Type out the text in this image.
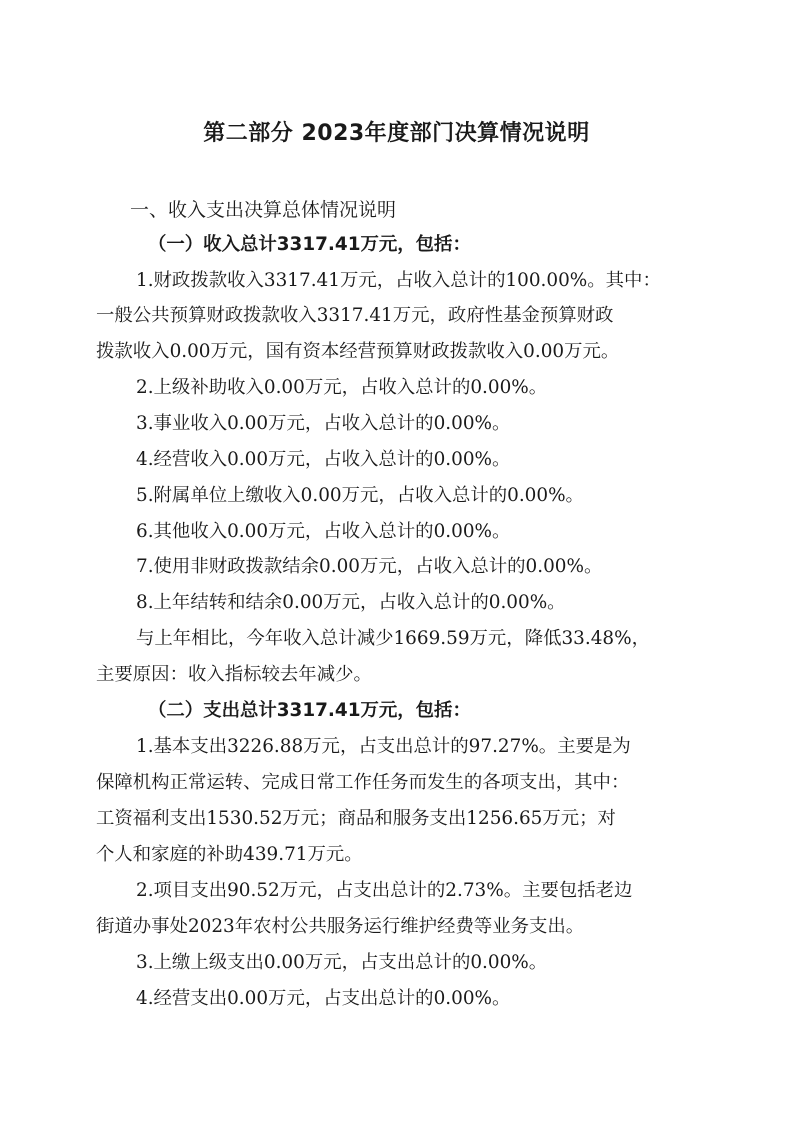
第二部分 2023年度部门决算情况说明
一、收入支出决算总体情况说明
（一）收入总计3317.41万元，包括：
1.财政拨款收入3317.41万元，占收入总计的100.00%。其中：
一般公共预算财政拨款收入3317.41万元，政府性基金预算财政
拨款收入0.00万元，国有资本经营预算财政拨款收入0.00万元。
2.上级补助收入0.00万元，占收入总计的0.00%。
3.事业收入0.00万元，占收入总计的0.00%。
4.经营收入0.00万元，占收入总计的0.00%。
5.附属单位上缴收入0.00万元，占收入总计的0.00%。
6.其他收入0.00万元，占收入总计的0.00%。
7.使用非财政拨款结余0.00万元，占收入总计的0.00%。
8.上年结转和结余0.00万元，占收入总计的0.00%。
与上年相比，今年收入总计减少1669.59万元，降低33.48%，
主要原因：收入指标较去年减少。
（二）支出总计3317.41万元，包括：
1.基本支出3226.88万元，占支出总计的97.27%。主要是为
保障机构正常运转、完成日常工作任务而发生的各项支出，其中：
工资福利支出1530.52万元；商品和服务支出1256.65万元；对
个人和家庭的补助439.71万元。
2.项目支出90.52万元，占支出总计的2.73%。主要包括老边
街道办事处2023年农村公共服务运行维护经费等业务支出。
3.上缴上级支出0.00万元，占支出总计的0.00%。
4.经营支出0.00万元，占支出总计的0.00%。
